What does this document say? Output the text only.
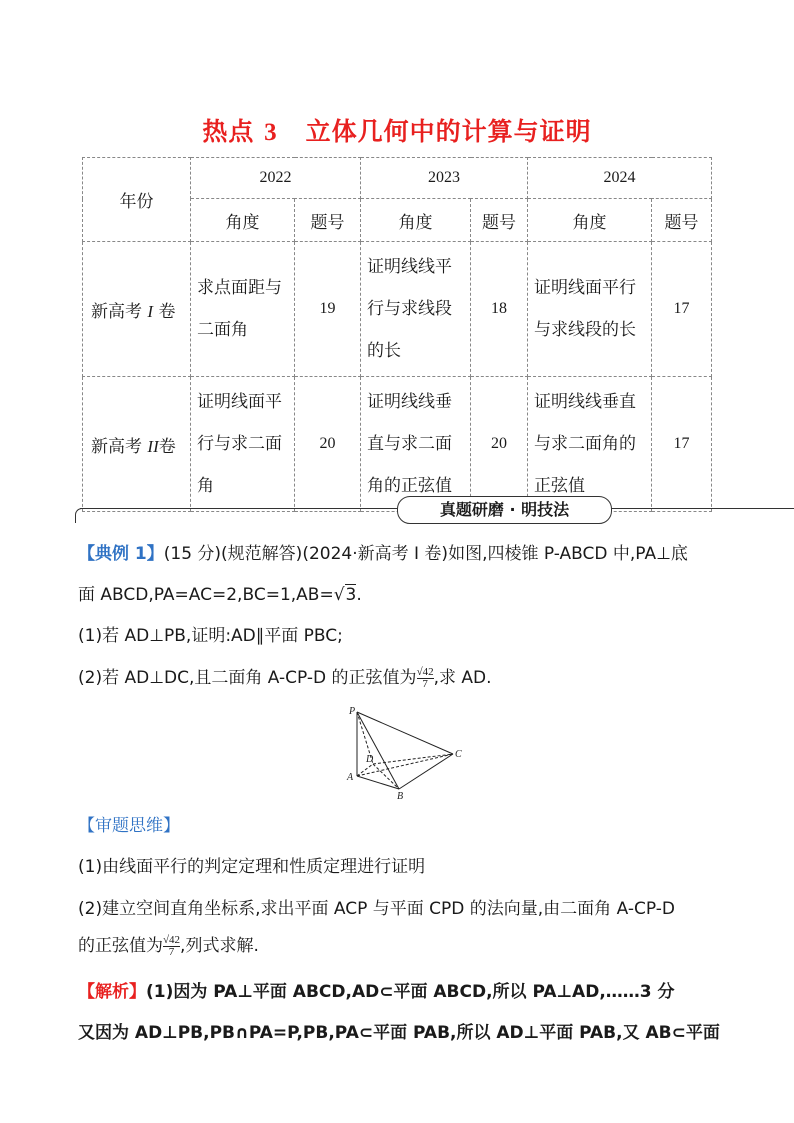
热点 3 立体几何中的计算与证明
年份	2022		2023		2024	
	角度	题号	角度	题号	角度	题号
新高考 I 卷	求点面距与二面角	19	证明线线平行与求线段的长	18	证明线面平行与求线段的长	17
新高考 II卷	证明线面平行与求二面角	20	证明线线垂直与求二面角的正弦值	20	证明线线垂直与求二面角的正弦值	17
真题研磨 · 明技法
【典例 1】(15 分)(规范解答)(2024·新高考 I 卷)如图,四棱锥 P-ABCD 中,PA⊥底
面 ABCD,PA=AC=2,BC=1,AB=√3.
(1)若 AD⊥PB,证明:AD∥平面 PBC;
(2)若 AD⊥DC,且二面角 A-CP-D 的正弦值为 $\frac{√42}{7}$ ,求 AD.
P
D	C
A
B
【审题思维】
(1)由线面平行的判定定理和性质定理进行证明
(2)建立空间直角坐标系,求出平面 ACP 与平面 CPD 的法向量,由二面角 A-CP-D
的正弦值为 $\frac{√42}{7}$ ,列式求解.
【解析】(1)因为 PA⊥平面 ABCD,AD⊂平面 ABCD,所以 PA⊥AD,……3 分
又因为 AD⊥PB,PB∩PA=P,PB,PA⊂平面 PAB,所以 AD⊥平面 PAB,又 AB⊂平面
